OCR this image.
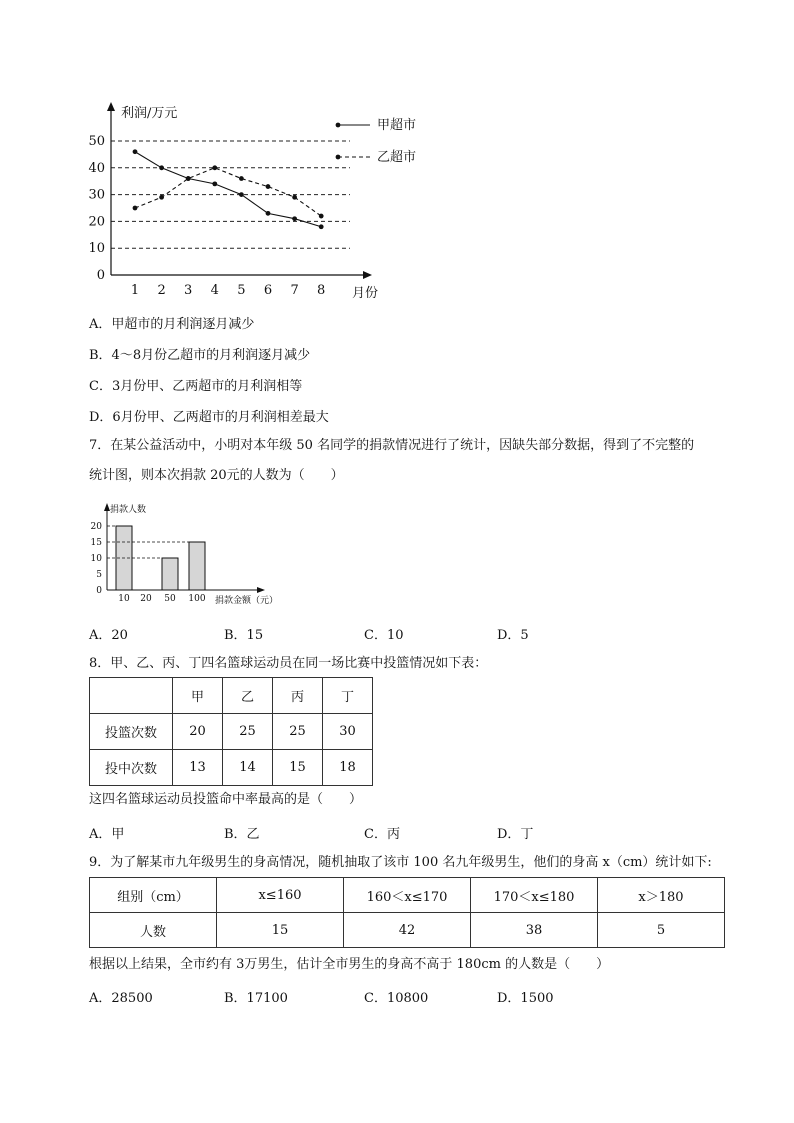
利润/万元
月份
0
10
20
30
40
50
1 2 3 4 5 6 7 8
甲超市
乙超市
A．甲超市的月利润逐月减少
B．4～8月份乙超市的月利润逐月减少
C．3月份甲、乙两超市的月利润相等
D．6月份甲、乙两超市的月利润相差最大
7．在某公益活动中，小明对本年级 50 名同学的捐款情况进行了统计，因缺失部分数据，得到了不完整的
统计图，则本次捐款 20元的人数为（　　）
捐款人数
捐款金额（元）
0
5
10
15
20
10 20 50 100
A．20	B．15	C．10	D．5
8．甲、乙、丙、丁四名篮球运动员在同一场比赛中投篮情况如下表：
	甲	乙	丙	丁
投篮次数	20	25	25	30
投中次数	13	14	15	18
这四名篮球运动员投篮命中率最高的是（　　）
A．甲	B．乙	C．丙	D．丁
9．为了解某市九年级男生的身高情况，随机抽取了该市 100 名九年级男生，他们的身高 x（cm）统计如下:
组别（cm）	x≤160	160＜x≤170	170＜x≤180	x＞180
人数	15	42	38	5
根据以上结果，全市约有 3万男生，估计全市男生的身高不高于 180cm 的人数是（　　）
A．28500	B．17100	C．10800	D．1500
